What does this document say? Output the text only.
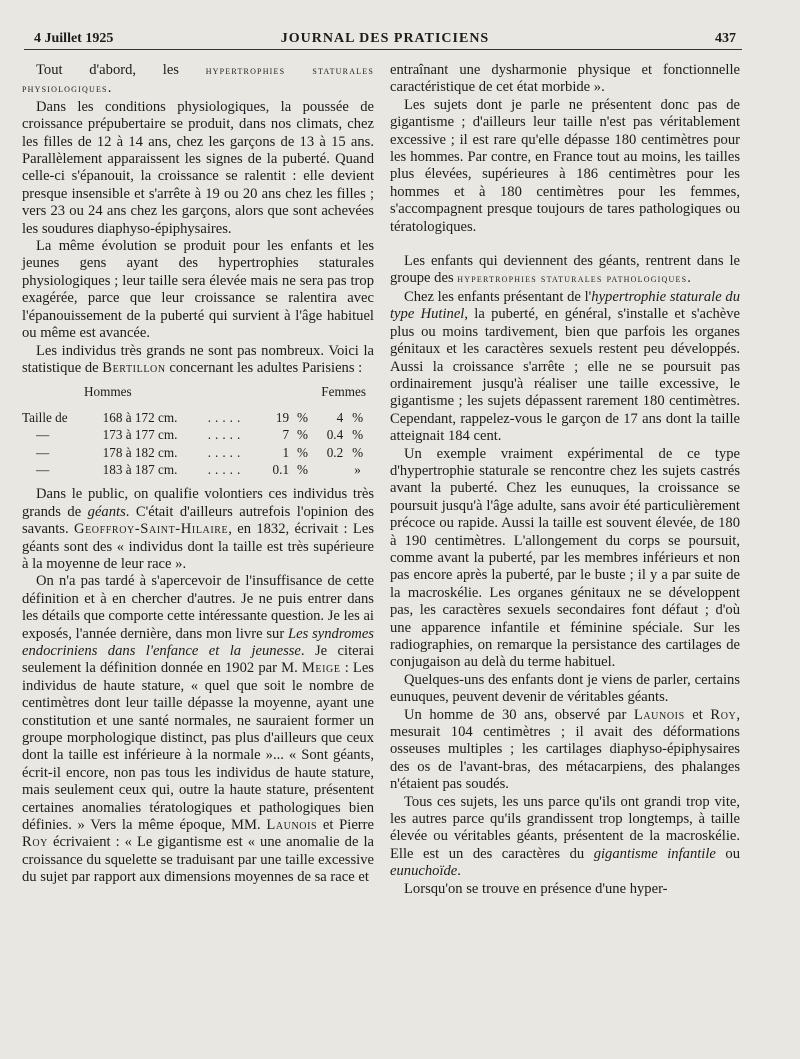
4 Juillet 1925	JOURNAL DES PRATICIENS	437

Tout d'abord, les hypertrophies staturales physiologiques.

Dans les conditions physiologiques, la poussée de croissance prépubertaire se produit, dans nos climats, chez les filles de 12 à 14 ans, chez les garçons de 13 à 15 ans. Parallèlement apparaissent les signes de la puberté. Quand celle-ci s'épanouit, la croissance se ralentit : elle devient presque insensible et s'arrête à 19 ou 20 ans chez les filles ; vers 23 ou 24 ans chez les garçons, alors que sont achevées les soudures diaphyso-épiphysaires.

La même évolution se produit pour les enfants et les jeunes gens ayant des hypertrophies staturales physiologiques ; leur taille sera élevée mais ne sera pas trop exagérée, parce que leur croissance se ralentira avec l'épanouissement de la puberté qui survient à l'âge habituel ou même est avancée.

Les individus très grands ne sont pas nombreux. Voici la statistique de Bertillon concernant les adultes Parisiens :

Hommes				Femmes		
Taille de	168 à 172 cm.	.....	19	%	4	%
—	173 à 177 cm.	.....	7	%	0.4	%
—	178 à 182 cm.	.....	1	%	0.2	%
—	183 à 187 cm.	.....	0.1	%		»

Dans le public, on qualifie volontiers ces individus très grands de géants. C'était d'ailleurs autrefois l'opinion des savants. Geoffroy-Saint-Hilaire, en 1832, écrivait : Les géants sont des « individus dont la taille est très supérieure à la moyenne de leur race ».

On n'a pas tardé à s'apercevoir de l'insuffisance de cette définition et à en chercher d'autres. Je ne puis entrer dans les détails que comporte cette intéressante question. Je les ai exposés, l'année dernière, dans mon livre sur Les syndromes endocriniens dans l'enfance et la jeunesse. Je citerai seulement la définition donnée en 1902 par M. Meige : Les individus de haute stature, « quel que soit le nombre de centimètres dont leur taille dépasse la moyenne, ayant une constitution et une santé normales, ne sauraient former un groupe morphologique distinct, pas plus d'ailleurs que ceux dont la taille est inférieure à la normale »... « Sont géants, écrit-il encore, non pas tous les individus de haute stature, mais seulement ceux qui, outre la haute stature, présentent certaines anomalies tératologiques et pathologiques bien définies. » Vers la même époque, MM. Launois et Pierre Roy écrivaient : « Le gigantisme est « une anomalie de la croissance du squelette se traduisant par une taille excessive du sujet par rapport aux dimensions moyennes de sa race et

entraînant une dysharmonie physique et fonctionnelle caractéristique de cet état morbide ».

Les sujets dont je parle ne présentent donc pas de gigantisme ; d'ailleurs leur taille n'est pas véritablement excessive ; il est rare qu'elle dépasse 180 centimètres pour les hommes. Par contre, en France tout au moins, les tailles plus élevées, supérieures à 186 centimètres pour les hommes et à 180 centimètres pour les femmes, s'accompagnent presque toujours de tares pathologiques ou tératologiques.

Les enfants qui deviennent des géants, rentrent dans le groupe des hypertrophies staturales pathologiques.

Chez les enfants présentant de l'hypertrophie staturale du type Hutinel, la puberté, en général, s'installe et s'achève plus ou moins tardivement, bien que parfois les organes génitaux et les caractères sexuels restent peu développés. Aussi la croissance s'arrête ; elle ne se poursuit pas ordinairement jusqu'à réaliser une taille excessive, le gigantisme ; les sujets dépassent rarement 180 centimètres. Cependant, rappelez-vous le garçon de 17 ans dont la taille atteignait 184 cent.

Un exemple vraiment expérimental de ce type d'hypertrophie staturale se rencontre chez les sujets castrés avant la puberté. Chez les eunuques, la croissance se poursuit jusqu'à l'âge adulte, sans avoir été particulièrement précoce ou rapide. Aussi la taille est souvent élevée, de 180 à 190 centimètres. L'allongement du corps se poursuit, comme avant la puberté, par les membres inférieurs et non pas encore après la puberté, par le buste ; il y a par suite de la macroskélie. Les organes génitaux ne se développent pas, les caractères sexuels secondaires font défaut ; d'où une apparence infantile et féminine spéciale. Sur les radiographies, on remarque la persistance des cartilages de conjugaison au delà du terme habituel.

Quelques-uns des enfants dont je viens de parler, certains eunuques, peuvent devenir de véritables géants.

Un homme de 30 ans, observé par Launois et Roy, mesurait 104 centimètres ; il avait des déformations osseuses multiples ; les cartilages diaphyso-épiphysaires des os de l'avant-bras, des métacarpiens, des phalanges n'étaient pas soudés.

Tous ces sujets, les uns parce qu'ils ont grandi trop vite, les autres parce qu'ils grandissent trop longtemps, à taille élevée ou véritables géants, présentent de la macroskélie. Elle est un des caractères du gigantisme infantile ou eunuchoïde.

Lorsqu'on se trouve en présence d'une hyper-
